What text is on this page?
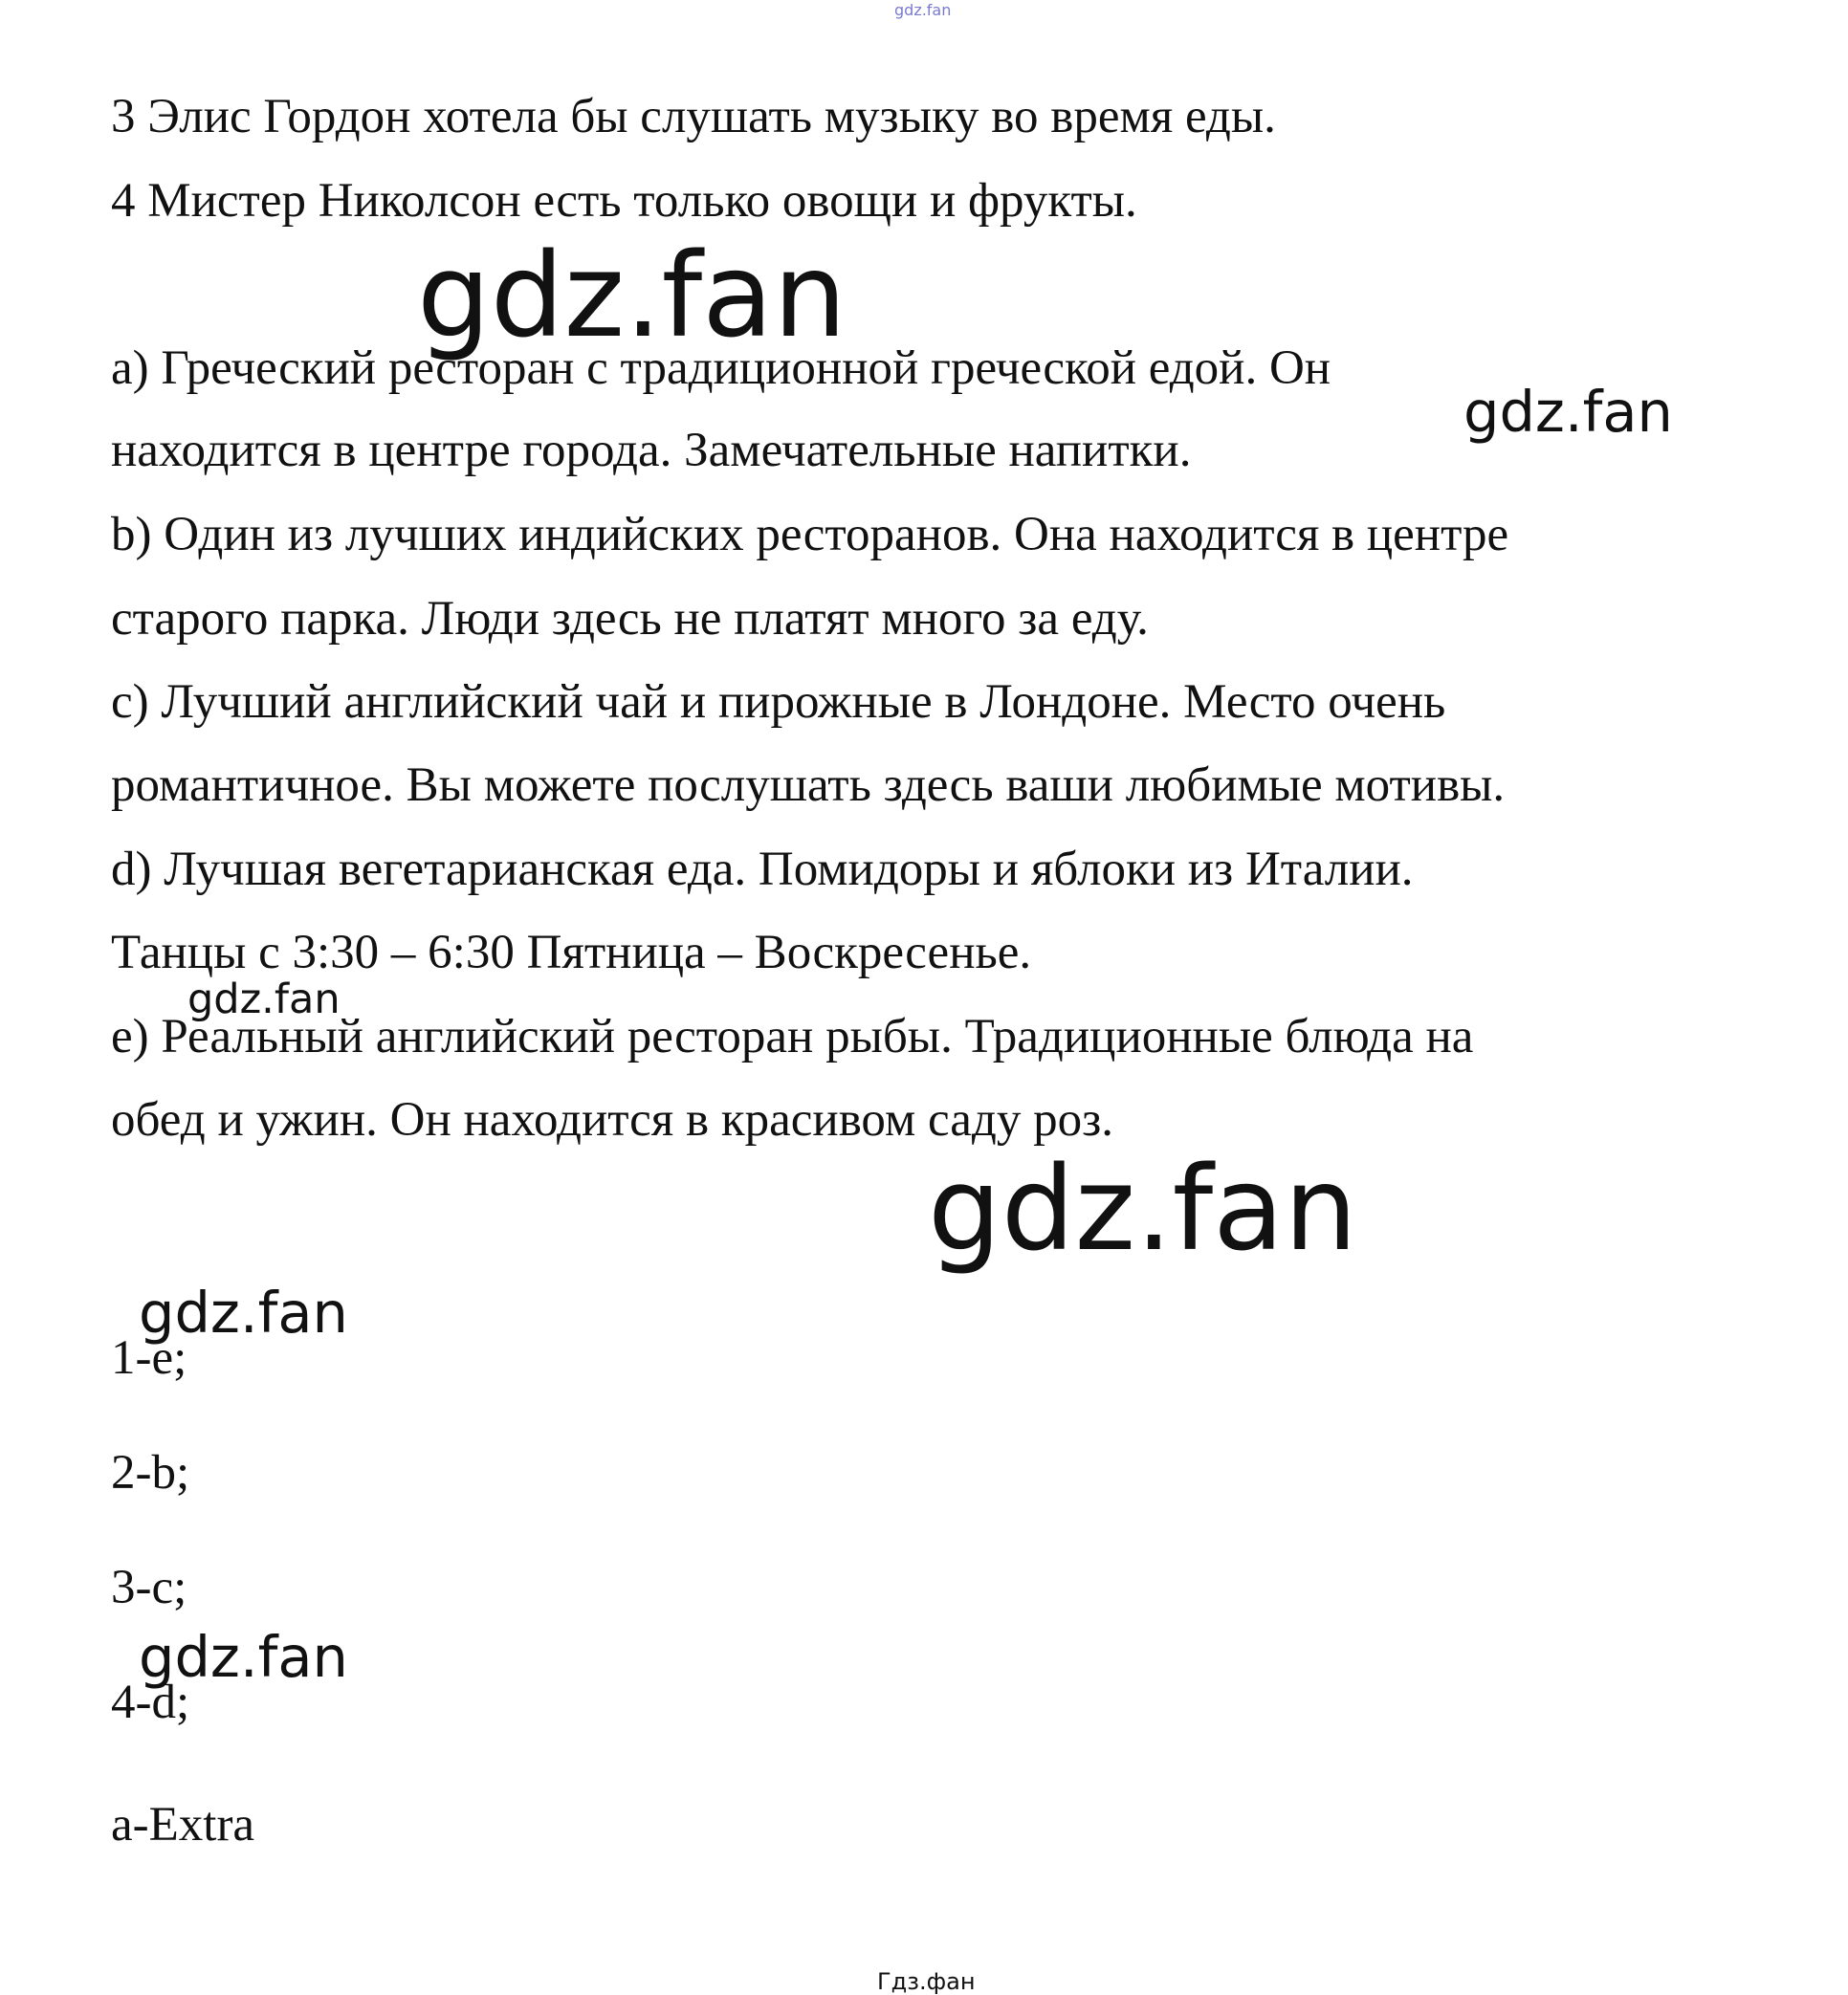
gdz.fan
gdz.fan
gdz.fan
gdz.fan
gdz.fan
gdz.fan
gdz.fan
Гдз.фан

3 Элис Гордон хотела бы слушать музыку во время еды.

4 Мистер Николсон есть только овощи и фрукты.

a) Греческий ресторан с традиционной греческой едой. Он

находится в центре города. Замечательные напитки.

b) Один из лучших индийских ресторанов. Она находится в центре

старого парка. Люди здесь не платят много за еду.

c) Лучший английский чай и пирожные в Лондоне. Место очень

романтичное. Вы можете послушать здесь ваши любимые мотивы.

d) Лучшая вегетарианская еда. Помидоры и яблоки из Италии.

Танцы с 3:30 – 6:30 Пятница – Воскресенье.

e) Реальный английский ресторан рыбы. Традиционные блюда на

обед и ужин. Он находится в красивом саду роз.

1-e;

2-b;

3-c;

4-d;

a-Extra
